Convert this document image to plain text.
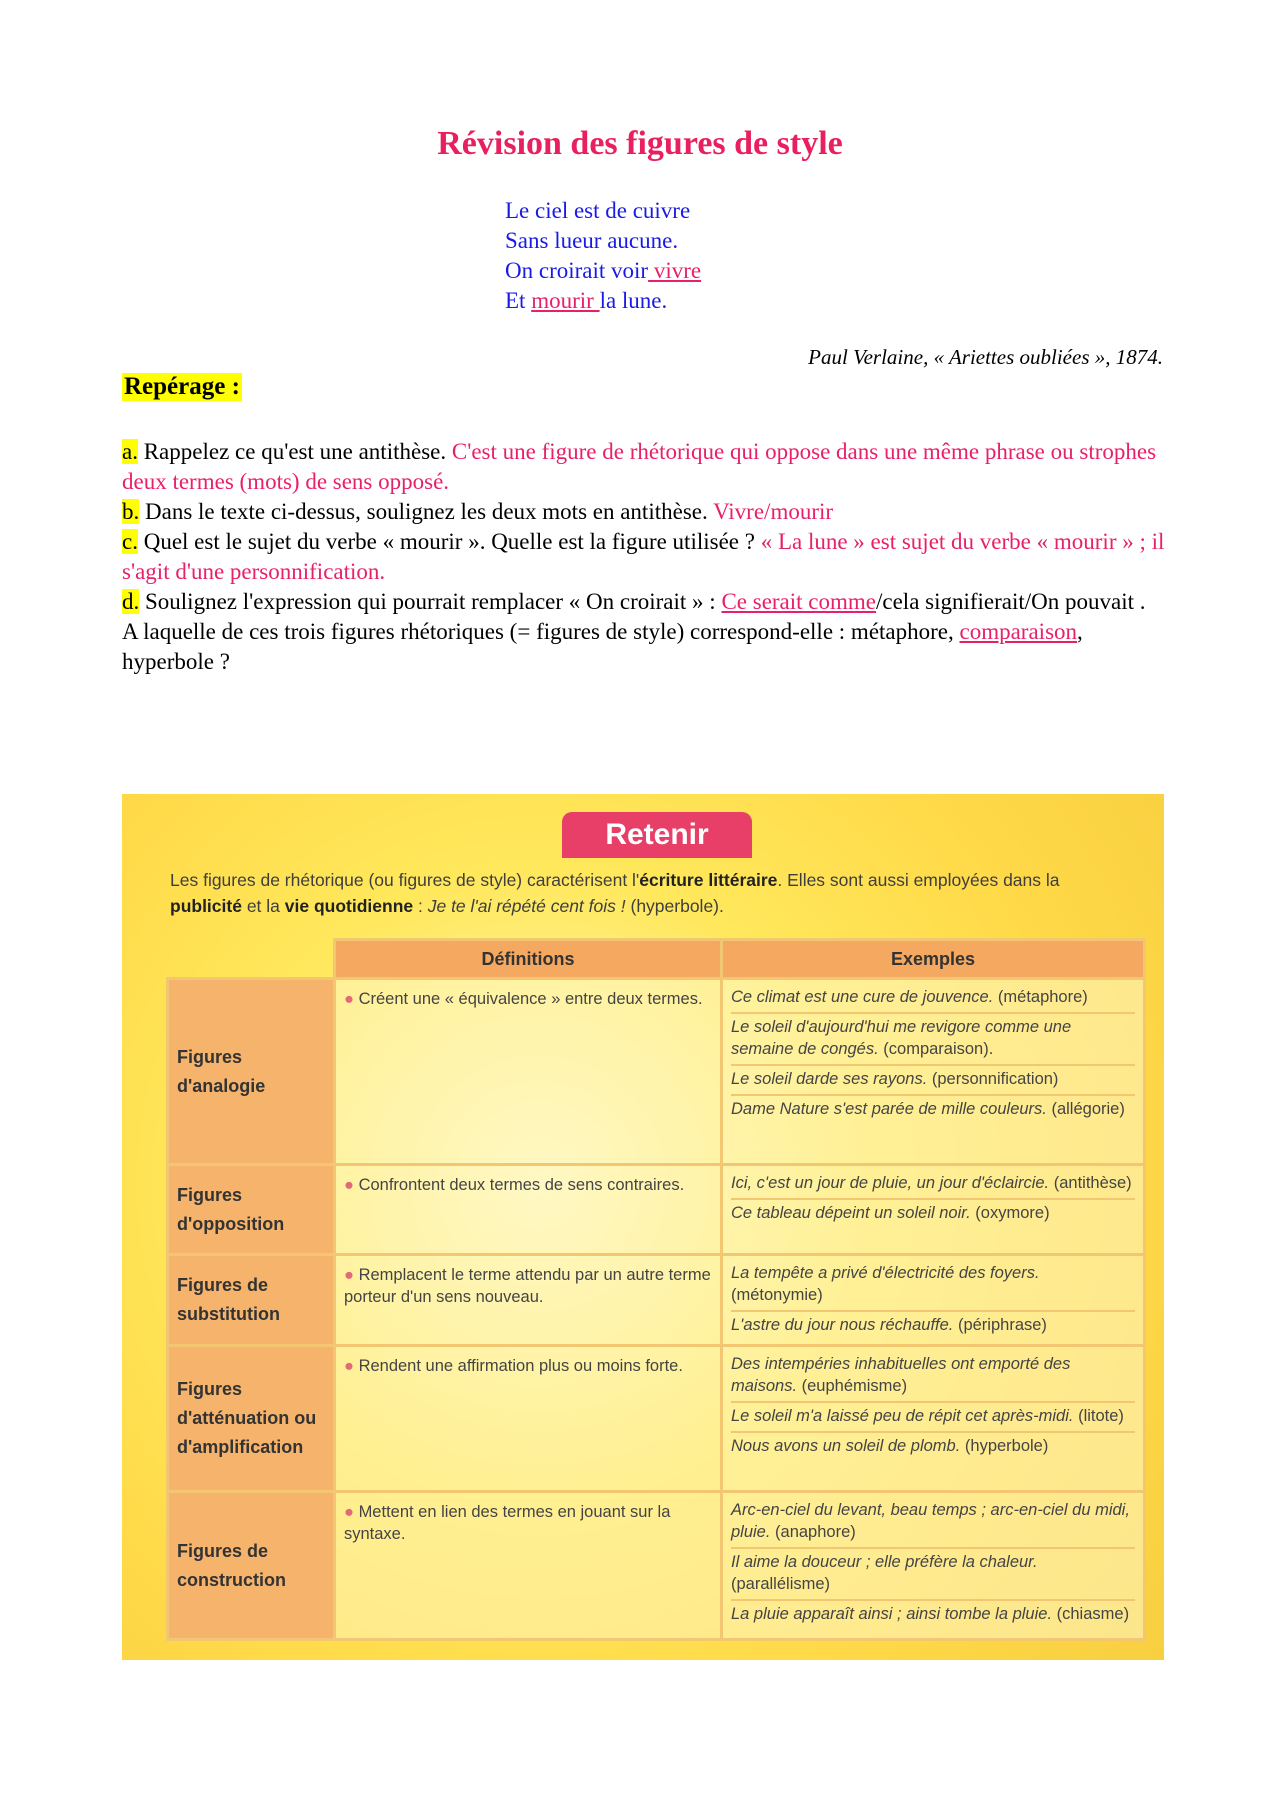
Révision des figures de style
Le ciel est de cuivre
Sans lueur aucune.
On croirait voir vivre
Et mourir la lune.
Paul Verlaine, « Ariettes oubliées », 1874.
Repérage :
a. Rappelez ce qu'est une antithèse. C'est une figure de rhétorique qui oppose dans une même phrase ou strophes deux termes (mots) de sens opposé.
b. Dans le texte ci-dessus, soulignez les deux mots en antithèse. Vivre/mourir
c. Quel est le sujet du verbe « mourir ». Quelle est la figure utilisée ? « La lune » est sujet du verbe « mourir » ; il s'agit d'une personnification.
d. Soulignez l'expression qui pourrait remplacer « On croirait » : Ce serait comme/cela signifierait/On pouvait .
A laquelle de ces trois figures rhétoriques (= figures de style) correspond-elle : métaphore, comparaison, hyperbole ?
Retenir
Les figures de rhétorique (ou figures de style) caractérisent l'écriture littéraire. Elles sont aussi employées dans la publicité et la vie quotidienne : Je te l'ai répété cent fois ! (hyperbole).
	Définitions	Exemples
Figures d'analogie	● Créent une « équivalence » entre deux termes.	Ce climat est une cure de jouvence. (métaphore)
Le soleil d'aujourd'hui me revigore comme une semaine de congés. (comparaison).
Le soleil darde ses rayons. (personnification)
Dame Nature s'est parée de mille couleurs. (allégorie)

Figures d'opposition	● Confrontent deux termes de sens contraires.	Ici, c'est un jour de pluie, un jour d'éclaircie. (antithèse)
Ce tableau dépeint un soleil noir. (oxymore)

Figures de substitution	● Remplacent le terme attendu par un autre terme porteur d'un sens nouveau.	La tempête a privé d'électricité des foyers. (métonymie)
L'astre du jour nous réchauffe. (périphrase)

Figures d'atténuation ou d'amplification	● Rendent une affirmation plus ou moins forte.	Des intempéries inhabituelles ont emporté des maisons. (euphémisme)
Le soleil m'a laissé peu de répit cet après-midi. (litote)
Nous avons un soleil de plomb. (hyperbole)

Figures de construction	● Mettent en lien des termes en jouant sur la syntaxe.	Arc-en-ciel du levant, beau temps ; arc-en-ciel du midi, pluie. (anaphore)
Il aime la douceur ; elle préfère la chaleur. (parallélisme)
La pluie apparaît ainsi ; ainsi tombe la pluie. (chiasme)
